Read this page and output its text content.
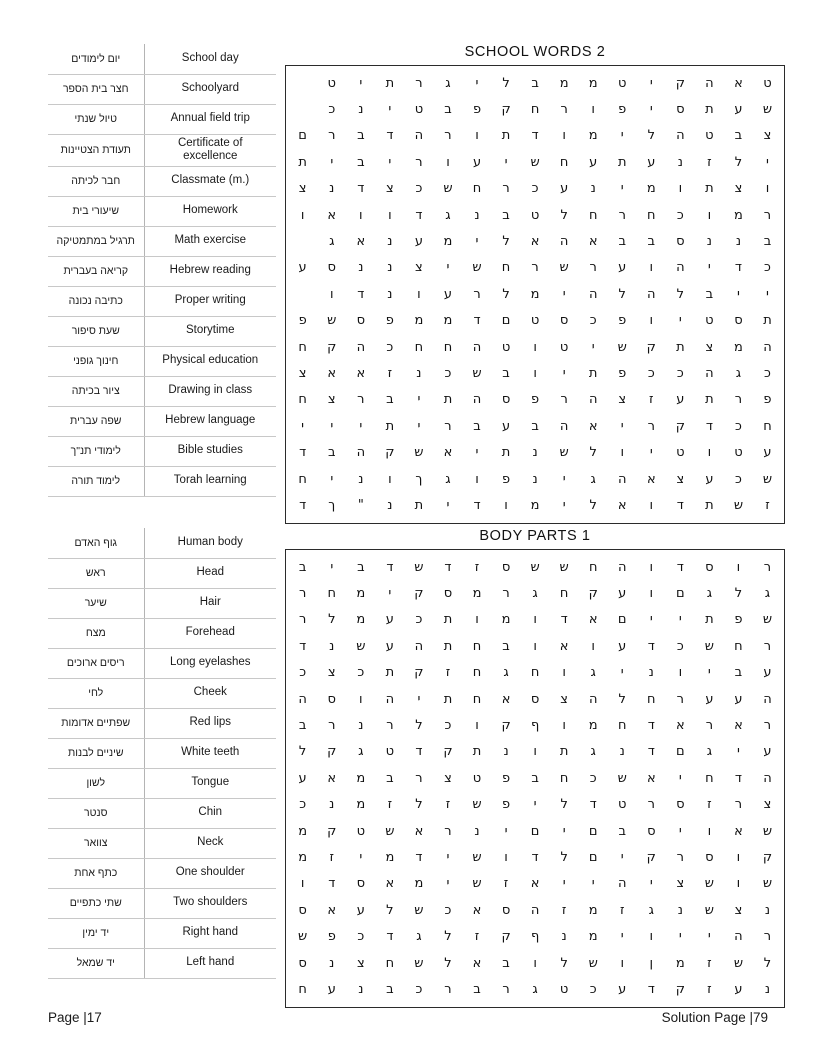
יום לימודים	School day
חצר בית הספר	Schoolyard
טיול שנתי	Annual field trip
תעודת הצטיינות	Certificate of excellence
חבר לכיתה	Classmate (m.)
שיעורי בית	Homework
תרגיל במתמטיקה	Math exercise
קריאה בעברית	Hebrew reading
כתיבה נכונה	Proper writing
שעת סיפור	Storytime
חינוך גופני	Physical education
ציור בכיתה	Drawing in class
שפה עברית	Hebrew language
לימודי תנ"ך	Bible studies
לימוד תורה	Torah learning
SCHOOL WORDS 2
ט	א	ה	ק	י	ט	מ	מ	ב	ל	י	ג	ר	ת	י	ט	
ש	ע	ת	ס	י	פ	ו	ר	ח	ק	פ	ב	ט	י	נ	כ	
צ	ב	ט	ה	ל	י	מ	ו	ד	ת	ו	ר	ה	ד	ב	ר	ם
י	ל	ז	נ	ע	ת	ע	ח	ש	י	ע	ו	ר	י	ב	י	ת
ו	צ	ת	ו	מ	י	נ	ע	כ	ר	ח	ש	כ	צ	ד	נ	צ
ר	מ	ו	כ	ח	ר	ח	ל	ט	ב	נ	ג	ד	ו	ו	א	ו
ב	נ	נ	ס	ב	ב	א	ה	א	ל	י	מ	ע	נ	א	ג	
כ	ד	י	ה	ו	ע	ר	ש	ר	ח	ש	י	צ	נ	נ	ס	ע
י	י	ב	ל	ה	ל	ה	י	מ	ל	ר	ע	ו	נ	ד	ו	
ת	ס	ט	י	ו	פ	כ	ס	ט	ם	ד	מ	מ	פ	ס	ש	פ
ה	מ	צ	ת	ק	ש	י	ט	ו	ט	ה	ח	ח	כ	ה	ק	ח
כ	ג	ה	כ	כ	פ	ת	י	ו	ב	ש	כ	נ	ז	א	א	צ
פ	ר	ת	ע	ז	צ	ה	ר	פ	ס	ה	ת	י	ב	ר	צ	ח
ח	כ	ד	ק	ר	י	א	ה	ב	ע	ב	ר	י	ת	י	י	י
ע	ט	ו	ט	י	ו	ל	ש	נ	ת	י	א	ש	ק	ה	ב	ד
ש	כ	ע	צ	א	ה	ג	י	נ	פ	ו	ג	ך	ו	נ	י	ח
ז	ש	ת	ד	ו	א	ל	י	מ	ו	ד	י	ת	נ	"	ך	ד
גוף האדם	Human body
ראש	Head
שיער	Hair
מצח	Forehead
ריסים ארוכים	Long eyelashes
לחי	Cheek
שפתיים אדומות	Red lips
שיניים לבנות	White teeth
לשון	Tongue
סנטר	Chin
צוואר	Neck
כתף אחת	One shoulder
שתי כתפיים	Two shoulders
יד ימין	Right hand
יד שמאל	Left hand
BODY PARTS 1
ר	ו	ס	ד	ו	ה	ח	ש	ש	ס	ז	ד	ש	ד	ב	י	ב
ג	ל	ג	ם	ו	ע	ק	ח	ג	ר	מ	ס	ק	י	מ	ח	ר
ש	פ	ת	י	י	ם	א	ד	ו	מ	ו	ת	כ	ע	מ	ל	ר
ר	ח	ש	כ	ד	ע	ו	א	ו	ב	ח	ת	ה	ע	ש	נ	ד
ע	ב	י	ו	נ	י	ג	ו	ח	ג	ח	ז	ק	ת	כ	צ	כ
ה	ע	ע	ר	ח	ל	ה	צ	ס	א	ח	ת	י	ה	ו	ס	ה
ר	א	ר	א	ד	ח	מ	ו	ף	ק	ו	כ	ל	ר	נ	ר	ב
ע	י	ג	ם	ד	נ	ג	ת	ו	נ	ת	ק	ד	ט	ג	ק	ל
ה	ד	ח	י	א	ש	כ	ח	ב	פ	ט	צ	ר	ב	מ	א	ע
צ	ר	ז	ס	ר	ט	ד	ל	י	פ	ש	ז	ל	ז	מ	נ	כ
ש	א	ו	י	ס	ב	ם	י	ם	י	נ	ר	א	ש	ט	ק	מ
ק	ו	ס	ר	ק	י	ם	ל	ד	ו	ש	י	ד	מ	י	ז	מ
ש	ו	ש	צ	י	ה	י	י	א	ז	ש	י	מ	א	ס	ד	ו
נ	צ	ש	נ	ג	ז	מ	ז	ה	ס	א	כ	ש	ל	ע	א	ס
ר	ה	י	י	ו	י	מ	נ	ף	ק	ז	ל	ג	ד	כ	פ	ש
ל	ש	ז	מ	ן	ו	ש	ל	ו	ב	א	ל	ש	ח	צ	נ	ס
נ	ע	ז	ק	ד	ע	כ	ט	ג	ר	ב	ר	כ	ב	נ	ע	ח
Page |17	Solution Page |79
